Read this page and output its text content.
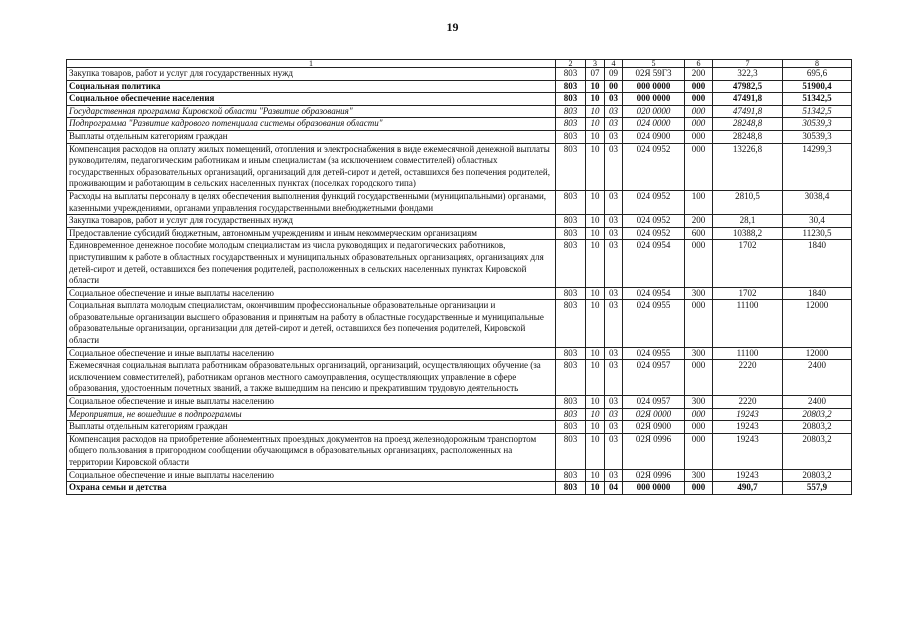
19
1	2	3	4	5	6	7	8
Закупка товаров, работ и услуг для государственных нужд	803	07	09	02Я 59Г3	200	322,3	695,6
Социальная политика	803	10	00	000 0000	000	47982,5	51900,4
Социальное обеспечение населения	803	10	03	000 0000	000	47491,8	51342,5
Государственная программа Кировской области "Развитие образования"	803	10	03	020 0000	000	47491,8	51342,5
Подпрограмма "Развитие кадрового потенциала системы образования области"	803	10	03	024 0000	000	28248,8	30539,3
Выплаты отдельным категориям граждан	803	10	03	024 0900	000	28248,8	30539,3
Компенсация расходов на оплату жилых помещений, отопления и электроснабжения в виде ежемесячной денежной выплаты руководителям, педагогическим работникам и иным специалистам (за исключением совместителей) областных государственных образовательных организаций, организаций для детей-сирот и детей, оставшихся без попечения родителей, проживающим и работающим в сельских населенных пунктах (поселках городского типа)	803	10	03	024 0952	000	13226,8	14299,3
Расходы на выплаты персоналу в целях обеспечения выполнения функций государственными (муниципальными) органами, казенными учреждениями, органами управления государственными внебюджетными фондами	803	10	03	024 0952	100	2810,5	3038,4
Закупка товаров, работ и услуг для государственных нужд	803	10	03	024 0952	200	28,1	30,4
Предоставление субсидий бюджетным, автономным учреждениям и иным некоммерческим организациям	803	10	03	024 0952	600	10388,2	11230,5
Единовременное денежное пособие молодым специалистам из числа руководящих и педагогических работников, приступившим к работе в областных государственных и муниципальных образовательных организациях, организациях для детей-сирот и детей, оставшихся без попечения родителей, расположенных в сельских населенных пунктах Кировской области	803	10	03	024 0954	000	1702	1840
Социальное обеспечение и иные выплаты населению	803	10	03	024 0954	300	1702	1840
Социальная выплата молодым специалистам, окончившим профессиональные образовательные организации и образовательные организации высшего образования и принятым на работу в областные государственные и муниципальные образовательные организации, организации для детей-сирот и детей, оставшихся без попечения родителей, Кировской области	803	10	03	024 0955	000	11100	12000
Социальное обеспечение и иные выплаты населению	803	10	03	024 0955	300	11100	12000
Ежемесячная социальная выплата работникам образовательных организаций, организаций, осуществляющих обучение (за исключением совместителей), работникам органов местного самоуправления, осуществляющих управление в сфере образования, удостоенным почетных званий, а также вышедшим на пенсию и прекратившим трудовую деятельность	803	10	03	024 0957	000	2220	2400
Социальное обеспечение и иные выплаты населению	803	10	03	024 0957	300	2220	2400
Мероприятия, не вошедшие в подпрограммы	803	10	03	02Я 0000	000	19243	20803,2
Выплаты отдельным категориям граждан	803	10	03	02Я 0900	000	19243	20803,2
Компенсация расходов на приобретение абонементных проездных документов на проезд железнодорожным транспортом общего пользования в пригородном сообщении обучающимся в образовательных организациях, расположенных на территории Кировской области	803	10	03	02Я 0996	000	19243	20803,2
Социальное обеспечение и иные выплаты населению	803	10	03	02Я 0996	300	19243	20803,2
Охрана семьи и детства	803	10	04	000 0000	000	490,7	557,9
